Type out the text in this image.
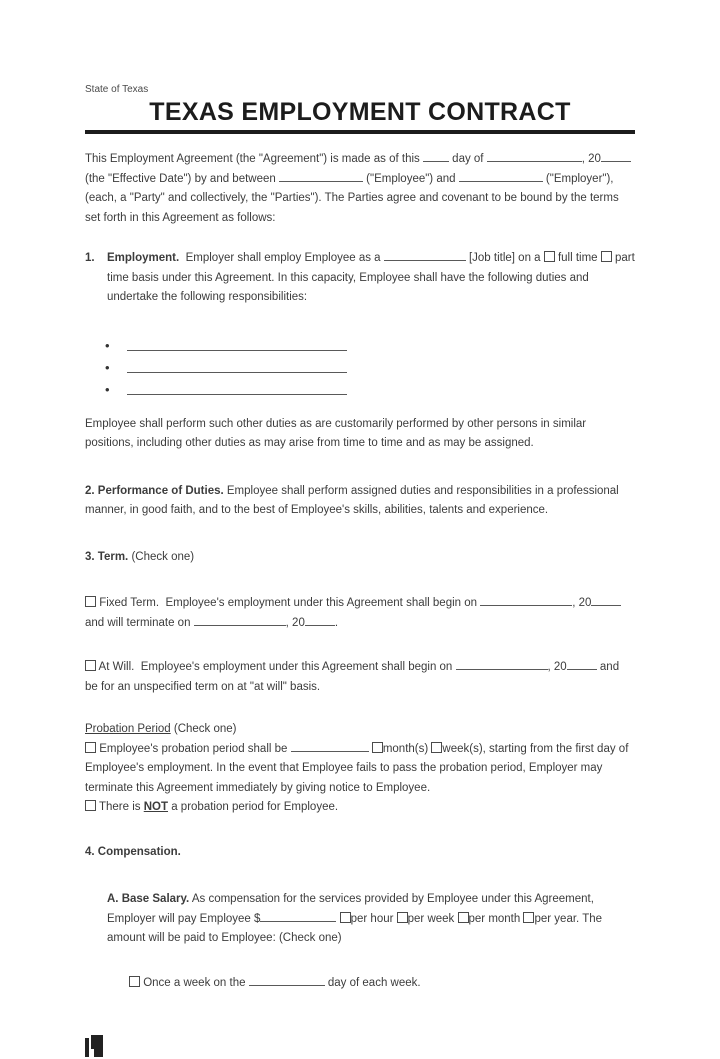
State of Texas
TEXAS EMPLOYMENT CONTRACT
This Employment Agreement (the "Agreement") is made as of this  day of	, 20	(the "Effective Date") by and between	("Employee") and	("Employer"), (each, a "Party" and collectively, the "Parties"). The Parties agree and covenant to be bound by the terms set forth in this Agreement as follows:
1.	Employment.  Employer shall employ Employee as a	[Job title] on a  full time  part time basis under this Agreement. In this capacity, Employee shall have the following duties and undertake the following responsibilities:
•
•
•
Employee shall perform such other duties as are customarily performed by other persons in similar positions, including other duties as may arise from time to time and as may be assigned.
2. Performance of Duties. Employee shall perform assigned duties and responsibilities in a professional manner, in good faith, and to the best of Employee's skills, abilities, talents and experience.
3. Term. (Check one)
Fixed Term.  Employee's employment under this Agreement shall begin on	, 20	and will terminate on	, 20	.
At Will.  Employee's employment under this Agreement shall begin on	, 20	and be for an unspecified term on at "at will" basis.
Probation Period (Check one)
Employee's probation period shall be	month(s) week(s), starting from the first day of Employee's employment. In the event that Employee fails to pass the probation period, Employer may terminate this Agreement immediately by giving notice to Employee.
There is NOT a probation period for Employee.
4. Compensation.
A. Base Salary. As compensation for the services provided by Employee under this Agreement, Employer will pay Employee $	per hour per week per month per year. The amount will be paid to Employee: (Check one)
Once a week on the	day of each week.
